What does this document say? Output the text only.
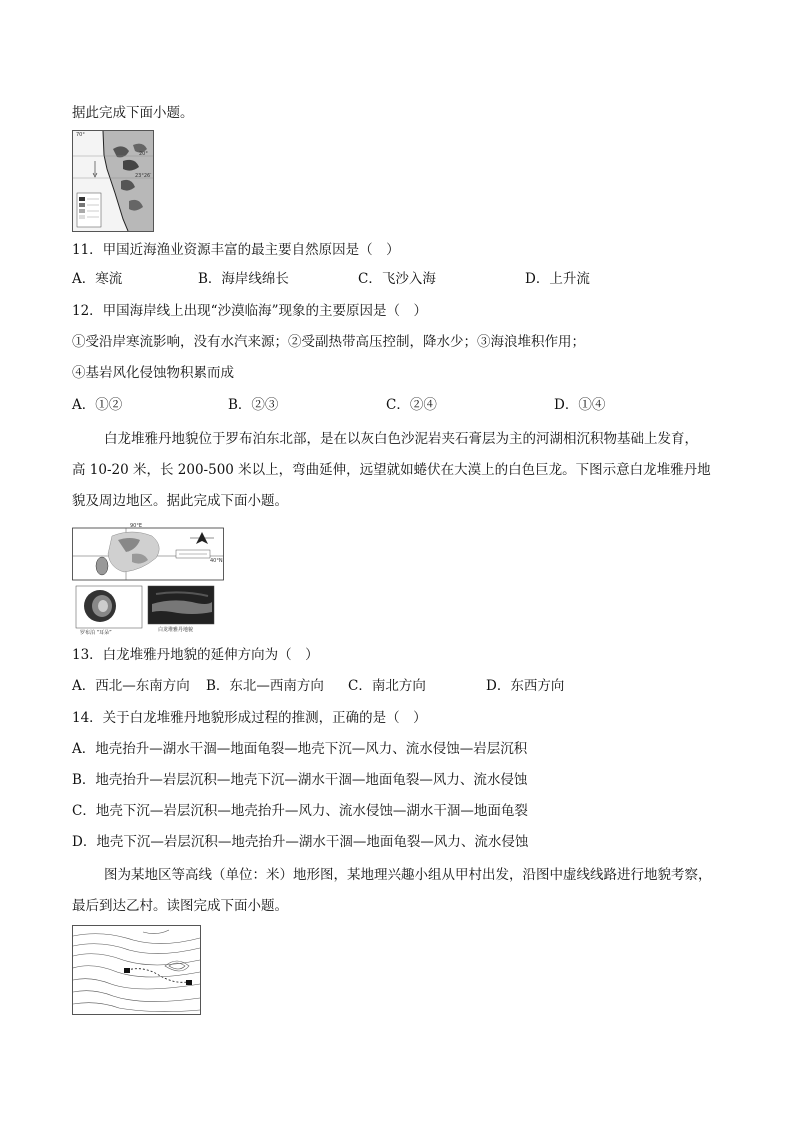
据此完成下面小题。
70°
20°
23°26′
11．甲国近海渔业资源丰富的最主要自然原因是（　）
A．寒流	B．海岸线绵长	C．飞沙入海	D．上升流
12．甲国海岸线上出现“沙漠临海”现象的主要原因是（　）
①受沿岸寒流影响，没有水汽来源；②受副热带高压控制，降水少；③海浪堆积作用；
④基岩风化侵蚀物积累而成
A．①②	B．②③	C．②④	D．①④
白龙堆雅丹地貌位于罗布泊东北部，是在以灰白色沙泥岩夹石膏层为主的河湖相沉积物基础上发育，
高 10-20 米，长 200-500 米以上，弯曲延伸，远望就如蜷伏在大漠上的白色巨龙。下图示意白龙堆雅丹地
貌及周边地区。据此完成下面小题。
90°E
40°N
罗布泊 “耳朵”	白龙堆雅丹地貌
13．白龙堆雅丹地貌的延伸方向为（　）
A．西北—东南方向 B．东北—西南方向 C．南北方向	D．东西方向
14．关于白龙堆雅丹地貌形成过程的推测，正确的是（　）
A．地壳抬升—湖水干涸—地面龟裂—地壳下沉—风力、流水侵蚀—岩层沉积
B．地壳抬升—岩层沉积—地壳下沉—湖水干涸—地面龟裂—风力、流水侵蚀
C．地壳下沉—岩层沉积—地壳抬升—风力、流水侵蚀—湖水干涸—地面龟裂
D．地壳下沉—岩层沉积—地壳抬升—湖水干涸—地面龟裂—风力、流水侵蚀
图为某地区等高线（单位：米）地形图，某地理兴趣小组从甲村出发，沿图中虚线线路进行地貌考察，
最后到达乙村。读图完成下面小题。
